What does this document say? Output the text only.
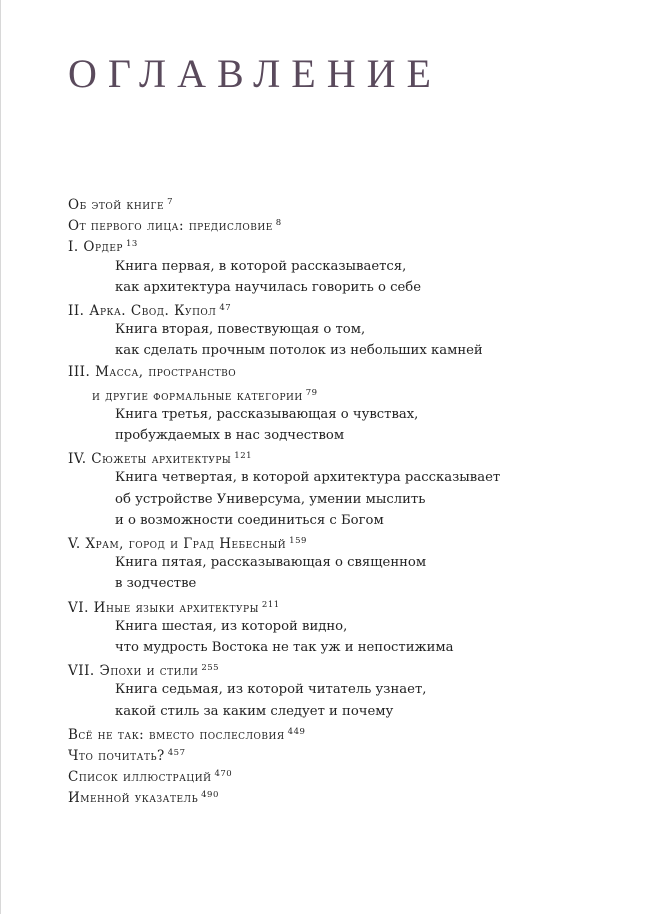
ОГЛАВЛЕНИЕ
Об этой книге $^7$
От первого лица: предисловие $^8$
I. Ордер $^{13}$
Книга первая, в которой рассказывается,
как архитектура научилась говорить о себе
II. Арка. Свод. Купол $^{47}$
Книга вторая, повествующая о том,
как сделать прочным потолок из небольших камней
III. Масса, пространство
и другие формальные категории $^{79}$
Книга третья, рассказывающая о чувствах,
пробуждаемых в нас зодчеством
IV. Сюжеты архитектуры $^{121}$
Книга четвертая, в которой архитектура рассказывает
об устройстве Универсума, умении мыслить
и о возможности соединиться с Богом
V. Храм, город и Град Небесный $^{159}$
Книга пятая, рассказывающая о священном
в зодчестве
VI. Иные языки архитектуры $^{211}$
Книга шестая, из которой видно,
что мудрость Востока не так уж и непостижима
VII. Эпохи и стили $^{255}$
Книга седьмая, из которой читатель узнает,
какой стиль за каким следует и почему
Всё не так: вместо послесловия $^{449}$
Что почитать? $^{457}$
Список иллюстраций $^{470}$
Именной указатель $^{490}$
